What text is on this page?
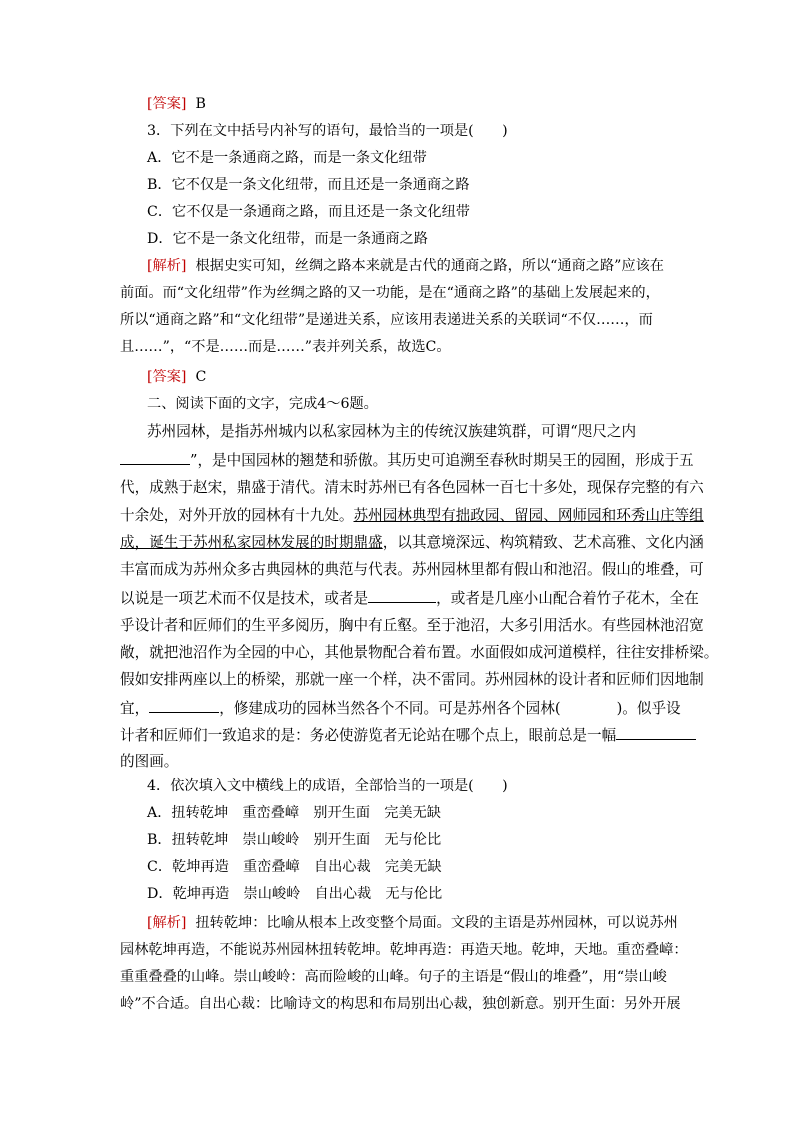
[答案] B
3．下列在文中括号内补写的语句，最恰当的一项是(　　)
A．它不是一条通商之路，而是一条文化纽带
B．它不仅是一条文化纽带，而且还是一条通商之路
C．它不仅是一条通商之路，而且还是一条文化纽带
D．它不是一条文化纽带，而是一条通商之路
[解析] 根据史实可知，丝绸之路本来就是古代的通商之路，所以“通商之路”应该在
前面。而“文化纽带”作为丝绸之路的又一功能，是在“通商之路”的基础上发展起来的，
所以“通商之路”和“文化纽带”是递进关系，应该用表递进关系的关联词“不仅……，而
且……”，“不是……而是……”表并列关系，故选C。
[答案] C
二、阅读下面的文字，完成4～6题。
苏州园林，是指苏州城内以私家园林为主的传统汉族建筑群，可谓“咫尺之内
”，是中国园林的翘楚和骄傲。其历史可追溯至春秋时期吴王的园囿，形成于五
代，成熟于赵宋，鼎盛于清代。清末时苏州已有各色园林一百七十多处，现保存完整的有六
十余处，对外开放的园林有十九处。苏州园林典型有拙政园、留园、网师园和环秀山庄等组
成，诞生于苏州私家园林发展的时期鼎盛，以其意境深远、构筑精致、艺术高雅、文化内涵
丰富而成为苏州众多古典园林的典范与代表。苏州园林里都有假山和池沼。假山的堆叠，可
以说是一项艺术而不仅是技术，或者是	，或者是几座小山配合着竹子花木，全在
乎设计者和匠师们的生平多阅历，胸中有丘壑。至于池沼，大多引用活水。有些园林池沼宽
敞，就把池沼作为全园的中心，其他景物配合着布置。水面假如成河道模样，往往安排桥梁。
假如安排两座以上的桥梁，那就一座一个样，决不雷同。苏州园林的设计者和匠师们因地制
宜，	，修建成功的园林当然各个不同。可是苏州各个园林(	)。似乎设
计者和匠师们一致追求的是：务必使游览者无论站在哪个点上，眼前总是一幅
的图画。
4．依次填入文中横线上的成语，全部恰当的一项是(　　)
A．扭转乾坤　重峦叠嶂　别开生面　完美无缺
B．扭转乾坤　崇山峻岭　别开生面　无与伦比
C．乾坤再造　重峦叠嶂　自出心裁　完美无缺
D．乾坤再造　崇山峻岭　自出心裁　无与伦比
[解析] 扭转乾坤：比喻从根本上改变整个局面。文段的主语是苏州园林，可以说苏州
园林乾坤再造，不能说苏州园林扭转乾坤。乾坤再造：再造天地。乾坤，天地。重峦叠嶂：
重重叠叠的山峰。崇山峻岭：高而险峻的山峰。句子的主语是“假山的堆叠”，用“崇山峻
岭”不合适。自出心裁：比喻诗文的构思和布局别出心裁，独创新意。别开生面：另外开展
